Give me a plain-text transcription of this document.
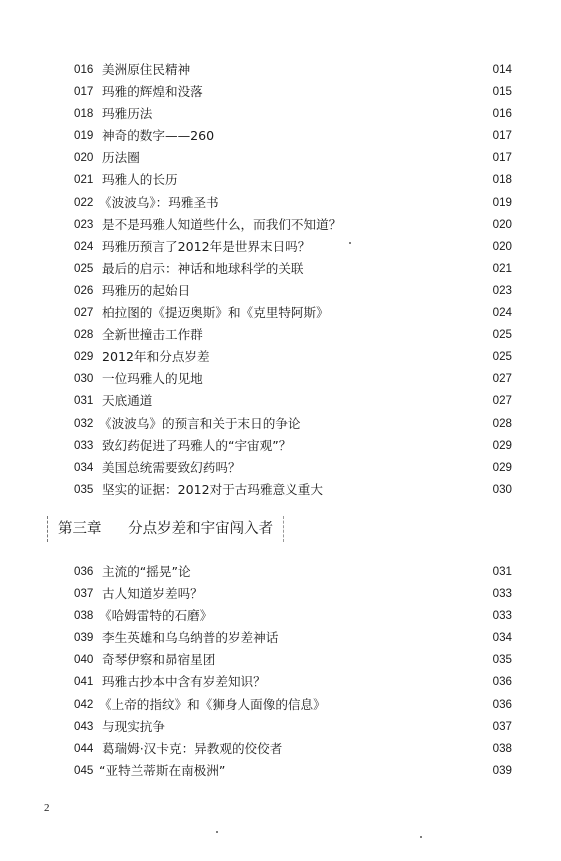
016 美洲原住民精神	014
017 玛雅的辉煌和没落	015
018 玛雅历法	016
019 神奇的数字——260	017
020 历法圈	017
021 玛雅人的长历	018
022 《波波乌》：玛雅圣书	019
023 是不是玛雅人知道些什么，而我们不知道？	020
024 玛雅历预言了2012年是世界末日吗？	020
025 最后的启示：神话和地球科学的关联	021
026 玛雅历的起始日	023
027 柏拉图的《提迈奥斯》和《克里特阿斯》	024
028 全新世撞击工作群	025
029 2012年和分点岁差	025
030 一位玛雅人的见地	027
031 天底通道	027
032 《波波乌》的预言和关于末日的争论	028
033 致幻药促进了玛雅人的“宇宙观”？	029
034 美国总统需要致幻药吗？	029
035 坚实的证据：2012对于古玛雅意义重大	030
第三章 分点岁差和宇宙闯入者
036 主流的“摇晃”论	031
037 古人知道岁差吗？	033
038 《哈姆雷特的石磨》	033
039 李生英雄和乌乌纳普的岁差神话	034
040 奇琴伊察和昴宿星团	035
041 玛雅古抄本中含有岁差知识？	036
042 《上帝的指纹》和《狮身人面像的信息》	036
043 与现实抗争	037
044 葛瑞姆·汉卡克：异教观的佼佼者	038
045 “亚特兰蒂斯在南极洲”	039
2
